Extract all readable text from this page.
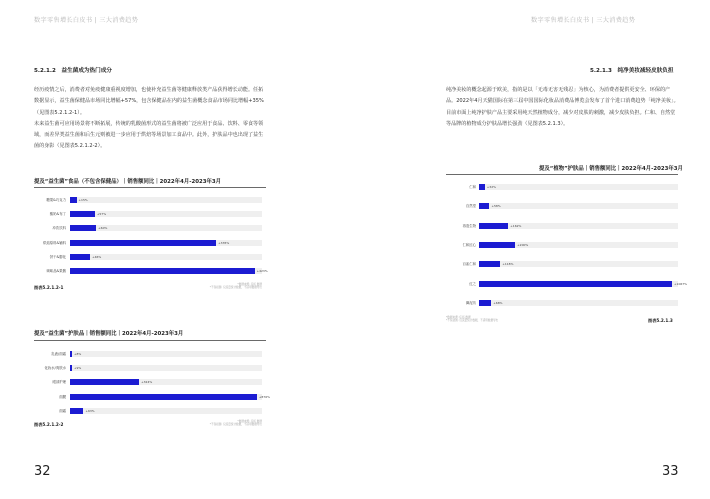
数字零售增长白皮书 | 三大消费趋势
5.2.1.2　益生菌成为热门成分

经历疫情之后，消费者对免疫健康重视度增加，也使补充益生菌等健康释放类产品获得增长动能。任拓数据显示，益生菌保健品市场同比增幅+57%，包含保健品在内的益生菌概念食品市场同比增幅+35%（见图表5.2.1.2-1）。

未来益生菌可应用场景将不断拓展，传统的乳酸菌形式的益生菌将被广泛应用于食品、饮料、零食等领域，而差异类益生菌和后生元则被进一步应用于烘焙等场景加工食品中。此外，护肤品中也出现了益生菌的身影（见图表5.2.1.2-2）。

提及“益生菌”食品（不包含保健品）｜销售额同比｜2022年4月-2023年3月
糖果&巧克力	+15%
酸奶&布丁	+57%
冲饮饮料	+60%
烘焙原料&辅料	+335%
饼干&膨化	+46%
调味品&果酱	+423%
图表5.2.1.2-1
*数据来源: 任拓 数据
*不包括国: 仅流量统计数据，不适用数据导出
提及“益生菌”护肤品｜销售额同比｜2022年4月-2023年3月
乳液/面霜	+8%
化妆水/爽肤水	+9%
眼部护理	+324%
面膜	+876%
面霜	+63%
图表5.2.1.2-2
*数据来源: 任拓 数据
*不包括国: 仅流量统计数据，不适用数据导出
32
数字零售增长白皮书 | 三大消费趋势
5.2.1.3　纯净美妆减轻皮肤负担

纯净美妆的概念起源于欧美，指的是以「无毒无害无残忍」为核心，为消费者提供更安全、环保的产品。2022年4月天猫国际在第三届中国国际化妆品消费品博览会发布了首个进口消费趋势「纯净美妆」。

目前市面上纯净护肤产品主要采用纯天然植物成分，减少对皮肤的刺激，减少皮肤负担。仁和、自然堂等品牌的植物成分护肤品增长强劲（见图表5.2.1.3）。

提及“植物”护肤品｜销售额同比｜2022年4月-2023年3月
仁和	+32%
自然堂	+58%
再造生物	+162%
仁和匠心	+200%
百雀仁和	+118%
红之	+1067%
御泥坊	+68%
图表5.2.1.3
*数据来源: 任拓 数据
*不包括国: 仅流量统计数据，不适用数据导出
33
